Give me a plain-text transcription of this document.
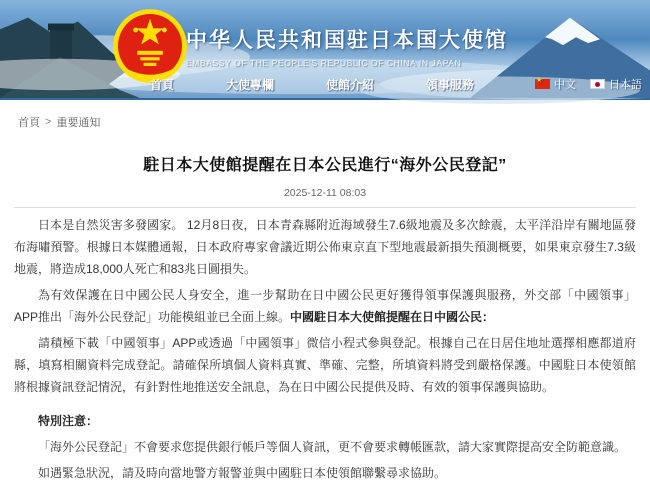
中华人民共和国驻日本国大使馆
EMBASSY OF THE PEOPLE'S REPUBLIC OF CHINA IN JAPAN
首頁	大使專欄	使館介紹	領事服務 ★	中文	日本語
首頁 > 重要通知
駐日本大使館提醒在日本公民進行“海外公民登記”
2025-12-11 08:03

日本是自然災害多發國家。 12月8日夜，日本青森縣附近海域發生7.6級地震及多次餘震，太平洋沿岸有關地區發布海嘯預警。根據日本媒體通報，日本政府專家會議近期公佈東京直下型地震最新損失預測概要，如果東京發生7.3級地震，將造成18,000人死亡和83兆日圓損失。

為有效保護在日中國公民人身安全，進一步幫助在日中國公民更好獲得領事保護與服務，外交部「中國領事」APP推出「海外公民登記」功能模組並已全面上線。中國駐日本大使館提醒在日中國公民：

請積極下載「中國領事」APP或透過「中國領事」微信小程式參與登記。根據自己在日居住地址選擇相應都道府縣，填寫相關資料完成登記。請確保所填個人資料真實、準確、完整，所填資料將受到嚴格保護。中國駐日本使領館將根據資訊登記情況，有針對性地推送安全訊息，為在日中國公民提供及時、有效的領事保護與協助。

特別注意：

「海外公民登記」不會要求您提供銀行帳戶等個人資訊，更不會要求轉帳匯款，請大家實際提高安全防範意識。

如遇緊急狀況，請及時向當地警方報警並與中國駐日本使領館聯繫尋求協助。
